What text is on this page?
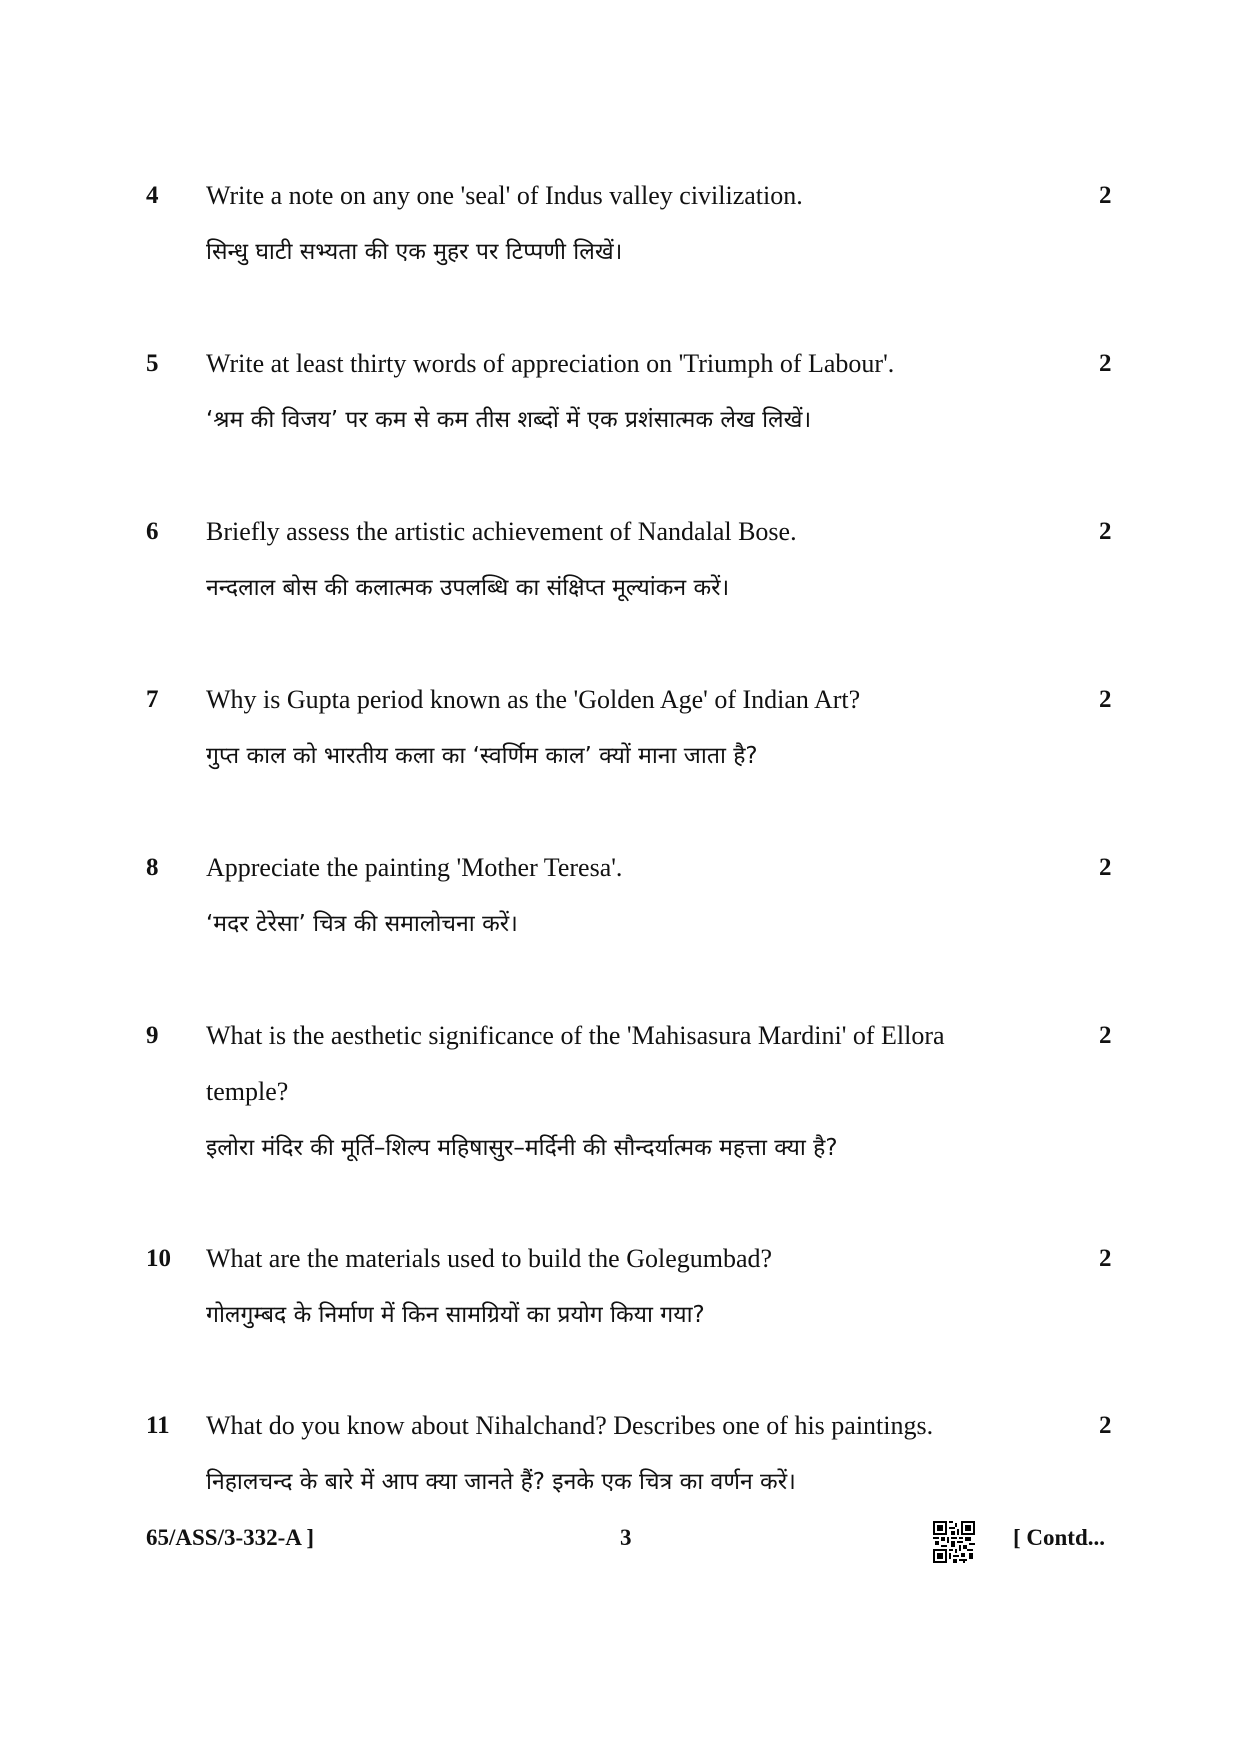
4 Write a note on any one 'seal' of Indus valley civilization.
सिन्धु घाटी सभ्यता की एक मुहर पर टिप्पणी लिखें।
2
5 Write at least thirty words of appreciation on 'Triumph of Labour'.
‘श्रम की विजय’ पर कम से कम तीस शब्दों में एक प्रशंसात्मक लेख लिखें।
2
6 Briefly assess the artistic achievement of Nandalal Bose.
नन्दलाल बोस की कलात्मक उपलब्धि का संक्षिप्त मूल्यांकन करें।
2
7 Why is Gupta period known as the 'Golden Age' of Indian Art?
गुप्त काल को भारतीय कला का ‘स्वर्णिम काल’ क्यों माना जाता है?
2
8 Appreciate the painting 'Mother Teresa'.
‘मदर टेरेसा’ चित्र की समालोचना करें।
2
9 What is the aesthetic significance of the 'Mahisasura Mardini' of Ellora temple?
इलोरा मंदिर की मूर्ति–शिल्प महिषासुर–मर्दिनी की सौन्दर्यात्मक महत्ता क्या है?
2
10 What are the materials used to build the Golegumbad?
गोलगुम्बद के निर्माण में किन सामग्रियों का प्रयोग किया गया?
2
11 What do you know about Nihalchand? Describes one of his paintings.
निहालचन्द के बारे में आप क्या जानते हैं? इनके एक चित्र का वर्णन करें।
2
65/ASS/3-332-A ]	3	[ Contd...
